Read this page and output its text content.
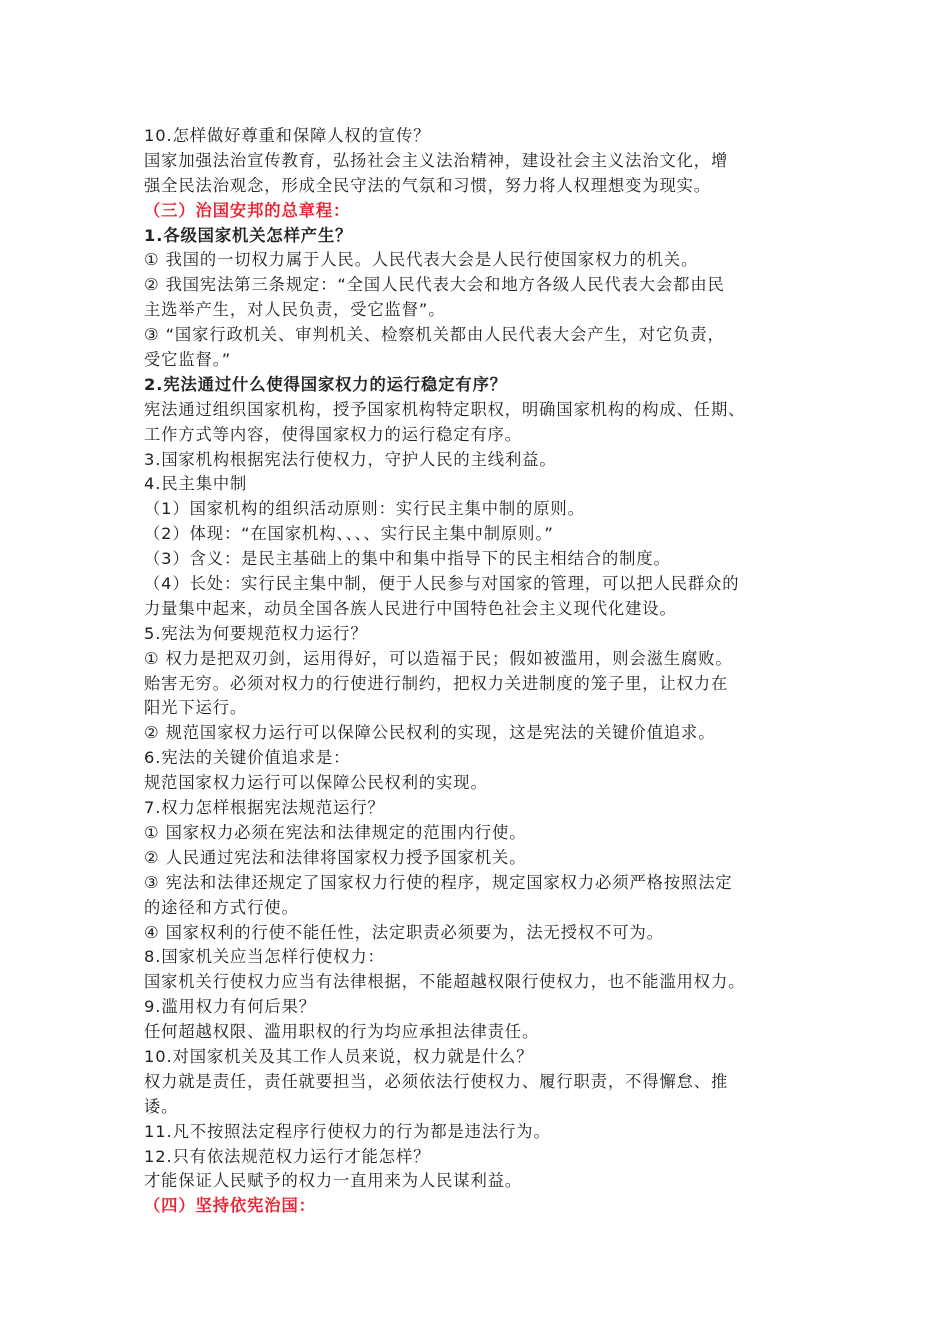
10.怎样做好尊重和保障人权的宣传？
国家加强法治宣传教育，弘扬社会主义法治精神，建设社会主义法治文化，增
强全民法治观念，形成全民守法的气氛和习惯，努力将人权理想变为现实。
（三）治国安邦的总章程：
1.各级国家机关怎样产生？
① 我国的一切权力属于人民。人民代表大会是人民行使国家权力的机关。
② 我国宪法第三条规定：“全国人民代表大会和地方各级人民代表大会都由民
主选举产生，对人民负责，受它监督”。
③ “国家行政机关、审判机关、检察机关都由人民代表大会产生，对它负责，
受它监督。”
2.宪法通过什么使得国家权力的运行稳定有序？
宪法通过组织国家机构，授予国家机构特定职权，明确国家机构的构成、任期、
工作方式等内容，使得国家权力的运行稳定有序。
3.国家机构根据宪法行使权力，守护人民的主线利益。
4.民主集中制
（1）国家机构的组织活动原则：实行民主集中制的原则。
（2）体现：“在国家机构、、、、实行民主集中制原则。”
（3）含义：是民主基础上的集中和集中指导下的民主相结合的制度。
（4）长处：实行民主集中制，便于人民参与对国家的管理，可以把人民群众的
力量集中起来，动员全国各族人民进行中国特色社会主义现代化建设。
5.宪法为何要规范权力运行？
① 权力是把双刃剑，运用得好，可以造福于民；假如被滥用，则会滋生腐败。
贻害无穷。必须对权力的行使进行制约，把权力关进制度的笼子里，让权力在
阳光下运行。
② 规范国家权力运行可以保障公民权利的实现，这是宪法的关键价值追求。
6.宪法的关键价值追求是：
规范国家权力运行可以保障公民权利的实现。
7.权力怎样根据宪法规范运行？
① 国家权力必须在宪法和法律规定的范围内行使。
② 人民通过宪法和法律将国家权力授予国家机关。
③ 宪法和法律还规定了国家权力行使的程序，规定国家权力必须严格按照法定
的途径和方式行使。
④ 国家权利的行使不能任性，法定职责必须要为，法无授权不可为。
8.国家机关应当怎样行使权力：
国家机关行使权力应当有法律根据，不能超越权限行使权力，也不能滥用权力。
9.滥用权力有何后果？
任何超越权限、滥用职权的行为均应承担法律责任。
10.对国家机关及其工作人员来说，权力就是什么？
权力就是责任，责任就要担当，必须依法行使权力、履行职责，不得懈怠、推
诿。
11.凡不按照法定程序行使权力的行为都是违法行为。
12.只有依法规范权力运行才能怎样？
才能保证人民赋予的权力一直用来为人民谋利益。
（四）坚持依宪治国：
